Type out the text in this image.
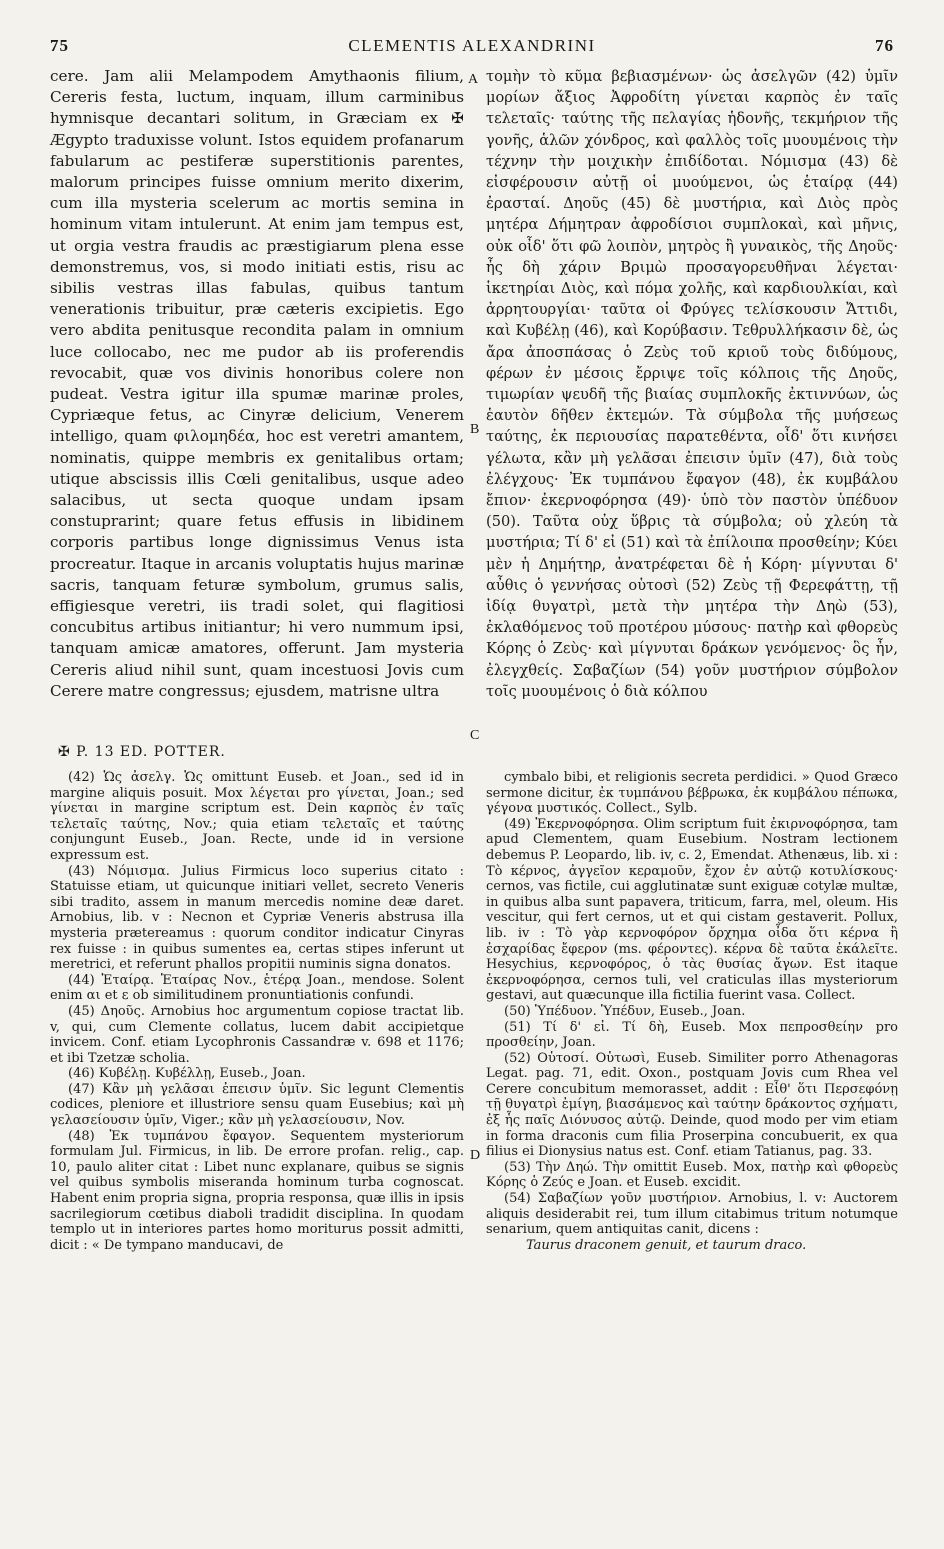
75	CLEMENTIS ALEXANDRINI	76

cere. Jam alii Melampodem Amythaonis filium, Cereris festa, luctum, inquam, illum carminibus hymnisque decantari solitum, in Græciam ex ✠ Ægypto traduxisse volunt. Istos equidem profanarum fabularum ac pestiferæ superstitionis parentes, malorum principes fuisse omnium merito dixerim, cum illa mysteria scelerum ac mortis semina in hominum vitam intulerunt. At enim jam tempus est, ut orgia vestra fraudis ac præstigiarum plena esse demonstremus, vos, si modo initiati estis, risu ac sibilis vestras illas fabulas, quibus tantum venerationis tribuitur, præ cæteris excipietis. Ego vero abdita penitusque recondita palam in omnium luce collocabo, nec me pudor ab iis proferendis revocabit, quæ vos divinis honoribus colere non pudeat. Vestra igitur illa spumæ marinæ proles, Cypriæque fetus, ac Cinyræ delicium, Venerem intelligo, quam φιλομηδέα, hoc est veretri amantem, nominatis, quippe membris ex genitalibus ortam; utique abscissis illis Cœli genitalibus, usque adeo salacibus, ut secta quoque undam ipsam constuprarint; quare fetus effusis in libidinem corporis partibus longe dignissimus Venus ista procreatur. Itaque in arcanis voluptatis hujus marinæ sacris, tanquam feturæ symbolum, grumus salis, effigiesque veretri, iis tradi solet, qui flagitiosi concubitus artibus initiantur; hi vero nummum ipsi, tanquam amicæ amatores, offerunt. Jam mysteria Cereris aliud nihil sunt, quam incestuosi Jovis cum Cerere matre congressus; ejusdem, matrisne ultra

A
B
C
D

τομὴν τὸ κῦμα βεβιασμένων· ὡς ἀσελγῶν (42) ὑμῖν μορίων ἄξιος Ἀφροδίτη γίνεται καρπὸς ἐν ταῖς τελεταῖς· ταύτης τῆς πελαγίας ἡδονῆς, τεκμήριον τῆς γονῆς, ἁλῶν χόνδρος, καὶ φαλλὸς τοῖς μυουμένοις τὴν τέχνην τὴν μοιχικὴν ἐπιδίδοται. Νόμισμα (43) δὲ εἰσφέρουσιν αὐτῇ οἱ μυούμενοι, ὡς ἑταίρᾳ (44) ἐρασταί. Δηοῦς (45) δὲ μυστήρια, καὶ Διὸς πρὸς μητέρα Δήμητραν ἀφροδίσιοι συμπλοκαὶ, καὶ μῆνις, οὐκ οἶδ' ὅτι φῶ λοιπὸν, μητρὸς ἢ γυναικὸς, τῆς Δηοῦς· ἧς δὴ χάριν Βριμὼ προσαγορευθῆναι λέγεται· ἱκετηρίαι Διὸς, καὶ πόμα χολῆς, καὶ καρδιουλκίαι, καὶ ἀρρητουργίαι· ταῦτα οἱ Φρύγες τελίσκουσιν Ἄττιδι, καὶ Κυβέλῃ (46), καὶ Κορύβασιν. Τεθρυλλήκασιν δὲ, ὡς ἄρα ἀποσπάσας ὁ Ζεὺς τοῦ κριοῦ τοὺς διδύμους, φέρων ἐν μέσοις ἔρριψε τοῖς κόλποις τῆς Δηοῦς, τιμωρίαν ψευδῆ τῆς βιαίας συμπλοκῆς ἐκτιννύων, ὡς ἑαυτὸν δῆθεν ἐκτεμών. Τὰ σύμβολα τῆς μυήσεως ταύτης, ἐκ περιουσίας παρατεθέντα, οἶδ' ὅτι κινήσει γέλωτα, κἂν μὴ γελᾶσαι ἐπεισιν ὑμῖν (47), διὰ τοὺς ἐλέγχους· Ἐκ τυμπάνου ἔφαγον (48), ἐκ κυμβάλου ἔπιον· ἐκερνοφόρησα (49)· ὑπὸ τὸν παστὸν ὑπέδυον (50). Ταῦτα οὐχ ὕβρις τὰ σύμβολα; οὐ χλεύη τὰ μυστήρια; Τί δ' εἰ (51) καὶ τὰ ἐπίλοιπα προσθείην; Κύει μὲν ἡ Δημήτηρ, ἀνατρέφεται δὲ ἡ Κόρη· μίγνυται δ' αὖθις ὁ γεννήσας οὑτοσὶ (52) Ζεὺς τῇ Φερεφάττῃ, τῇ ἰδίᾳ θυγατρὶ, μετὰ τὴν μητέρα τὴν Δηὼ (53), ἐκλαθόμενος τοῦ προτέρου μύσους· πατὴρ καὶ φθορεὺς Κόρης ὁ Ζεὺς· καὶ μίγνυται δράκων γενόμενος· ὃς ἦν, ἐλεγχθείς. Σαβαζίων (54) γοῦν μυστήριον σύμβολον τοῖς μυουμένοις ὁ διὰ κόλπου

✠ P. 13 ED. POTTER.

(42) Ὡς ἀσελγ. Ὡς omittunt Euseb. et Joan., sed id in margine aliquis posuit. Mox λέγεται pro γίνεται, Joan.; sed γίνεται in margine scriptum est. Dein καρπὸς ἐν ταῖς τελεταῖς ταύτης, Nov.; quia etiam τελεταῖς et ταύτης conjungunt Euseb., Joan. Recte, unde id in versione expressum est.

(43) Νόμισμα. Julius Firmicus loco superius citato : Statuisse etiam, ut quicunque initiari vellet, secreto Veneris sibi tradito, assem in manum mercedis nomine deæ daret. Arnobius, lib. v : Necnon et Cypriæ Veneris abstrusa illa mysteria prætereamus : quorum conditor indicatur Cinyras rex fuisse : in quibus sumentes ea, certas stipes inferunt ut meretrici, et referunt phallos propitii numinis signa donatos.

(44) Ἑταίρᾳ. Ἑταίρας Nov., ἑτέρᾳ Joan., mendose. Solent enim αι et ε ob similitudinem pronuntiationis confundi.

(45) Δηοῦς. Arnobius hoc argumentum copiose tractat lib. v, qui, cum Clemente collatus, lucem dabit accipietque invicem. Conf. etiam Lycophronis Cassandræ v. 698 et 1176; et ibi Tzetzæ scholia.

(46) Κυβέλῃ. Κυβέλλῃ, Euseb., Joan.

(47) Κἂν μὴ γελᾶσαι ἐπεισιν ὑμῖν. Sic legunt Clementis codices, pleniore et illustriore sensu quam Eusebius; καὶ μὴ γελασείουσιν ὑμῖν, Viger.; κἂν μὴ γελασείουσιν, Nov.

(48) Ἐκ τυμπάνου ἔφαγον. Sequentem mysteriorum formulam Jul. Firmicus, in lib. De errore profan. relig., cap. 10, paulo aliter citat : Libet nunc explanare, quibus se signis vel quibus symbolis miseranda hominum turba cognoscat. Habent enim propria signa, propria responsa, quæ illis in ipsis sacrilegiorum cœtibus diaboli tradidit disciplina. In quodam templo ut in interiores partes homo moriturus possit admitti, dicit : « De tympano manducavi, de

cymbalo bibi, et religionis secreta perdidici. » Quod Græco sermone dicitur, ἐκ τυμπάνου βέβρωκα, ἐκ κυμβάλου πέπωκα, γέγονα μυστικός. Collect., Sylb.

(49) Ἐκερνοφόρησα. Olim scriptum fuit ἐκιρνοφόρησα, tam apud Clementem, quam Eusebium. Nostram lectionem debemus P. Leopardo, lib. iv, c. 2, Emendat. Athenæus, lib. xi : Τὸ κέρνος, ἀγγεῖον κεραμοῦν, ἔχον ἐν αὐτῷ κοτυλίσκους· cernos, vas fictile, cui agglutinatæ sunt exiguæ cotylæ multæ, in quibus alba sunt papavera, triticum, farra, mel, oleum. His vescitur, qui fert cernos, ut et qui cistam gestaverit. Pollux, lib. iv : Τὸ γὰρ κερνοφόρον ὄρχημα οἶδα ὅτι κέρνα ἢ ἐσχαρίδας ἔφερον (ms. φέροντες). κέρνα δὲ ταῦτα ἐκάλεῖτε. Hesychius, κερνοφόρος, ὁ τὰς θυσίας ἄγων. Est itaque ἐκερνοφόρησα, cernos tuli, vel craticulas illas mysteriorum gestavi, aut quæcunque illa fictilia fuerint vasa. Collect.

(50) Ὑπέδυον. Ὑπέδυν, Euseb., Joan.

(51) Τί δ' εἰ. Τί δὴ, Euseb. Mox πεπροσθείην pro προσθείην, Joan.

(52) Οὑτοσί. Οὑτωσὶ, Euseb. Similiter porro Athenagoras Legat. pag. 71, edit. Oxon., postquam Jovis cum Rhea vel Cerere concubitum memorasset, addit : Εἶθ' ὅτι Περσεφόνῃ τῇ θυγατρὶ ἐμίγη, βιασάμενος καὶ ταύτην δράκοντος σχήματι, ἐξ ἧς παῖς Διόνυσος αὐτῷ. Deinde, quod modo per vim etiam in forma draconis cum filia Proserpina concubuerit, ex qua filius ei Dionysius natus est. Conf. etiam Tatianus, pag. 33.

(53) Τὴν Δηώ. Τὴν omittit Euseb. Mox, πατὴρ καὶ φθορεὺς Κόρης ὁ Ζεύς e Joan. et Euseb. excidit.

(54) Σαβαζίων γοῦν μυστήριον. Arnobius, l. v: Auctorem aliquis desiderabit rei, tum illum citabimus tritum notumque senarium, quem antiquitas canit, dicens :

Taurus draconem genuit, et taurum draco.
